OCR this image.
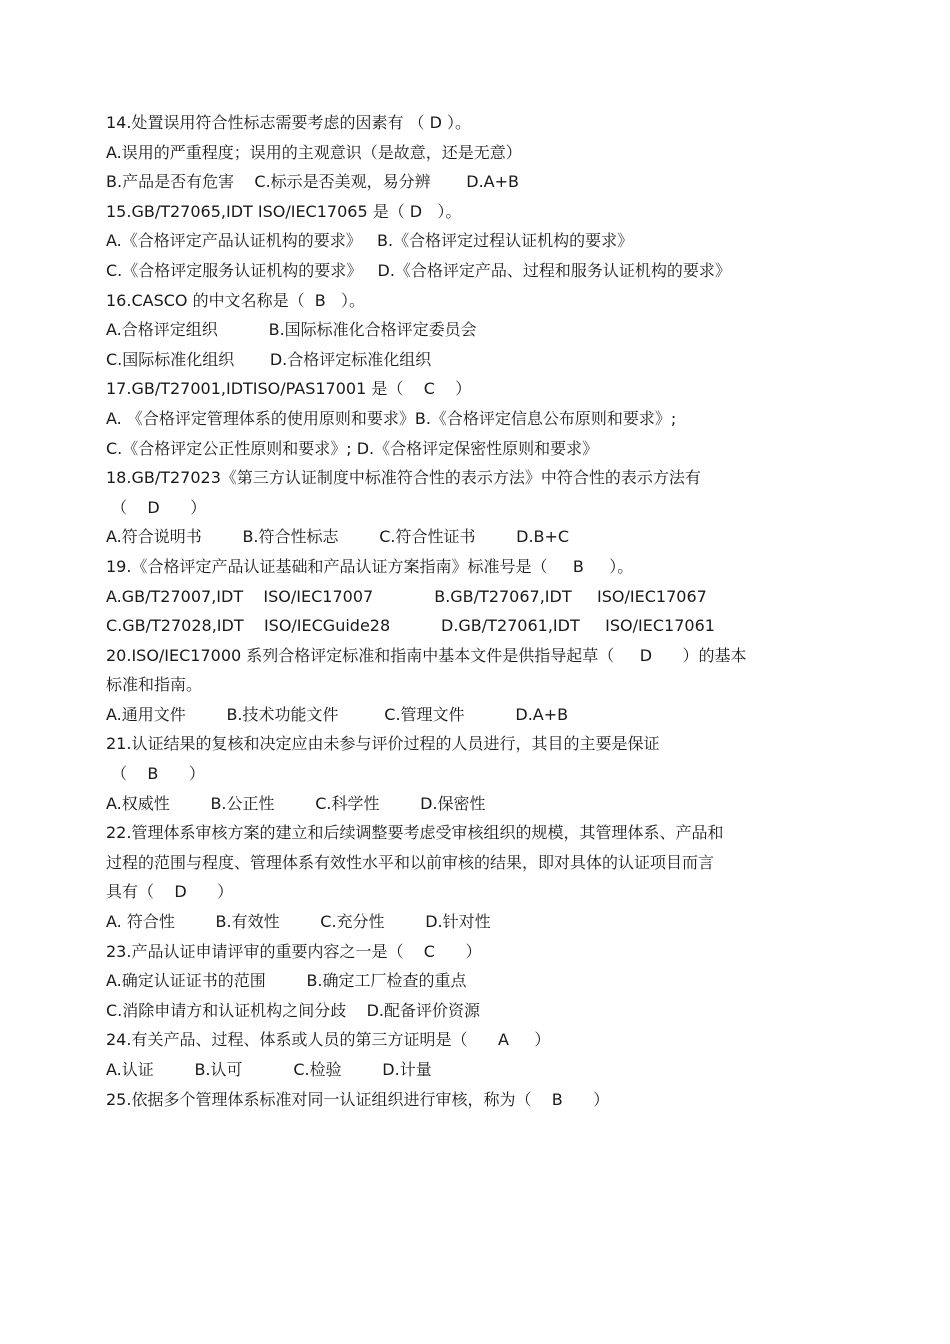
14.处置误用符合性标志需要考虑的因素有 （ D ）。
A.误用的严重程度；误用的主观意识（是故意，还是无意）
B.产品是否有危害    C.标示是否美观，易分辨       D.A+B
15.GB/T27065,IDT ISO/IEC17065 是（ D   ）。
A.《合格评定产品认证机构的要求》   B.《合格评定过程认证机构的要求》
C.《合格评定服务认证机构的要求》   D.《合格评定产品、过程和服务认证机构的要求》
16.CASCO 的中文名称是（  B   ）。
A.合格评定组织          B.国际标准化合格评定委员会
C.国际标准化组织       D.合格评定标准化组织
17.GB/T27001,IDTISO/PAS17001 是（    C    ）
A. 《合格评定管理体系的使用原则和要求》B.《合格评定信息公布原则和要求》;
C.《合格评定公正性原则和要求》; D.《合格评定保密性原则和要求》
18.GB/T27023《第三方认证制度中标准符合性的表示方法》中符合性的表示方法有
（    D      ）
A.符合说明书        B.符合性标志        C.符合性证书        D.B+C
19.《合格评定产品认证基础和产品认证方案指南》标准号是（     B     ）。
A.GB/T27007,IDT    ISO/IEC17007            B.GB/T27067,IDT     ISO/IEC17067
C.GB/T27028,IDT    ISO/IECGuide28          D.GB/T27061,IDT     ISO/IEC17061
20.ISO/IEC17000 系列合格评定标准和指南中基本文件是供指导起草（     D      ）的基本
标准和指南。
A.通用文件        B.技术功能文件         C.管理文件          D.A+B
21.认证结果的复核和决定应由未参与评价过程的人员进行，其目的主要是保证
（    B      ）
A.权威性        B.公正性        C.科学性        D.保密性
22.管理体系审核方案的建立和后续调整要考虑受审核组织的规模，其管理体系、产品和
过程的范围与程度、管理体系有效性水平和以前审核的结果，即对具体的认证项目而言
具有（    D      ）
A. 符合性        B.有效性        C.充分性        D.针对性
23.产品认证申请评审的重要内容之一是（    C      ）
A.确定认证证书的范围        B.确定工厂检查的重点
C.消除申请方和认证机构之间分歧    D.配备评价资源
24.有关产品、过程、体系或人员的第三方证明是（      A     ）
A.认证        B.认可          C.检验        D.计量
25.依据多个管理体系标准对同一认证组织进行审核，称为（    B      ）
